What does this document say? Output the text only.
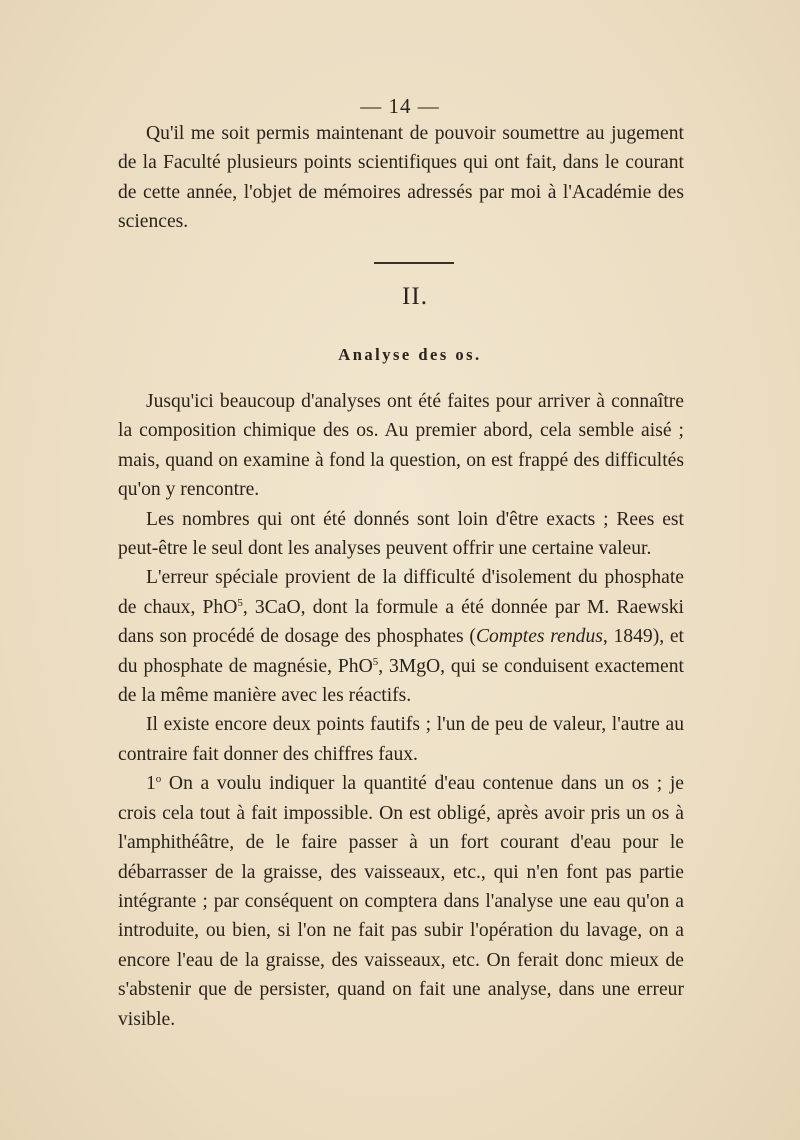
— 14 —

Qu'il me soit permis maintenant de pouvoir soumettre au jugement de la Faculté plusieurs points scientifiques qui ont fait, dans le courant de cette année, l'objet de mémoires adressés par moi à l'Académie des sciences.

II.
Analyse des os.

Jusqu'ici beaucoup d'analyses ont été faites pour arriver à connaître la composition chimique des os. Au premier abord, cela semble aisé ; mais, quand on examine à fond la question, on est frappé des difficultés qu'on y rencontre.

Les nombres qui ont été donnés sont loin d'être exacts ; Rees est peut-être le seul dont les analyses peuvent offrir une certaine valeur.

L'erreur spéciale provient de la difficulté d'isolement du phosphate de chaux, PhO$^5$, 3CaO, dont la formule a été donnée par M. Raewski dans son procédé de dosage des phosphates (Comptes rendus, 1849), et du phosphate de magnésie, PhO$^5$, 3MgO, qui se conduisent exactement de la même manière avec les réactifs.

Il existe encore deux points fautifs ; l'un de peu de valeur, l'autre au contraire fait donner des chiffres faux.

1$^o$ On a voulu indiquer la quantité d'eau contenue dans un os ; je crois cela tout à fait impossible. On est obligé, après avoir pris un os à l'amphithéâtre, de le faire passer à un fort courant d'eau pour le débarrasser de la graisse, des vaisseaux, etc., qui n'en font pas partie intégrante ; par conséquent on comptera dans l'analyse une eau qu'on a introduite, ou bien, si l'on ne fait pas subir l'opération du lavage, on a encore l'eau de la graisse, des vaisseaux, etc. On ferait donc mieux de s'abstenir que de persister, quand on fait une analyse, dans une erreur visible.
